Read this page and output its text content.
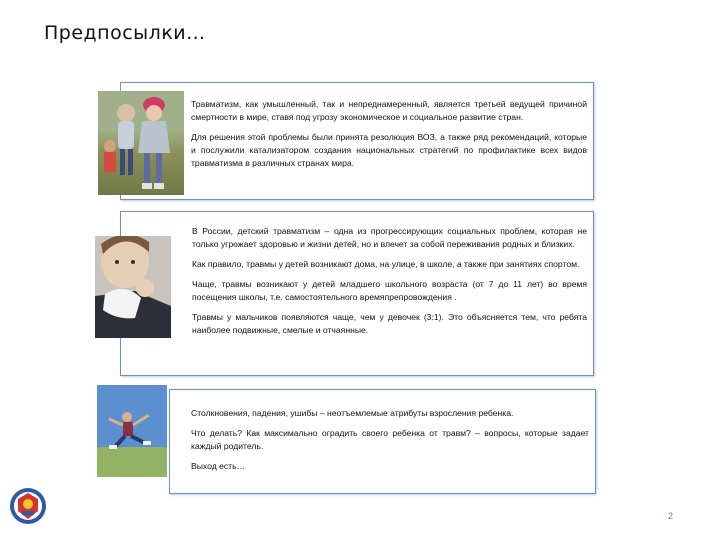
Предпосылки…

Травматизм, как умышленный, так и непреднамеренный, является третьей ведущей причиной смертности в мире, ставя под угрозу экономическое и социальное развитие стран.

Для решения этой проблемы были принята резолюция ВОЗ, а также ряд рекомендаций, которые и послужили катализатором создания национальных стратегий по профилактике всех видов травматизма в различных странах мира.

В России, детский травматизм – одна из прогрессирующих социальных проблем, которая не только угрожает здоровью и жизни детей, но и влечет за собой переживания родных и близких.

Как правило, травмы у детей возникают дома, на улице, в школе, а также при занятиях спортом.

Чаще, травмы возникают у детей младшего школьного возраста (от 7 до 11 лет) во время посещения школы, т.е. самостоятельного времяпрепровождения .

Травмы у мальчиков появляются чаще, чем у девочек (3:1). Это объясняется тем, что ребята наиболее подвижные, смелые и отчаянные.

Столкновения, падения, ушибы – неотъемлемые атрибуты взросления ребенка.

Что делать? Как максимально оградить своего ребенка от травм? – вопросы, которые задает каждый родитель.

Выход есть…

2
